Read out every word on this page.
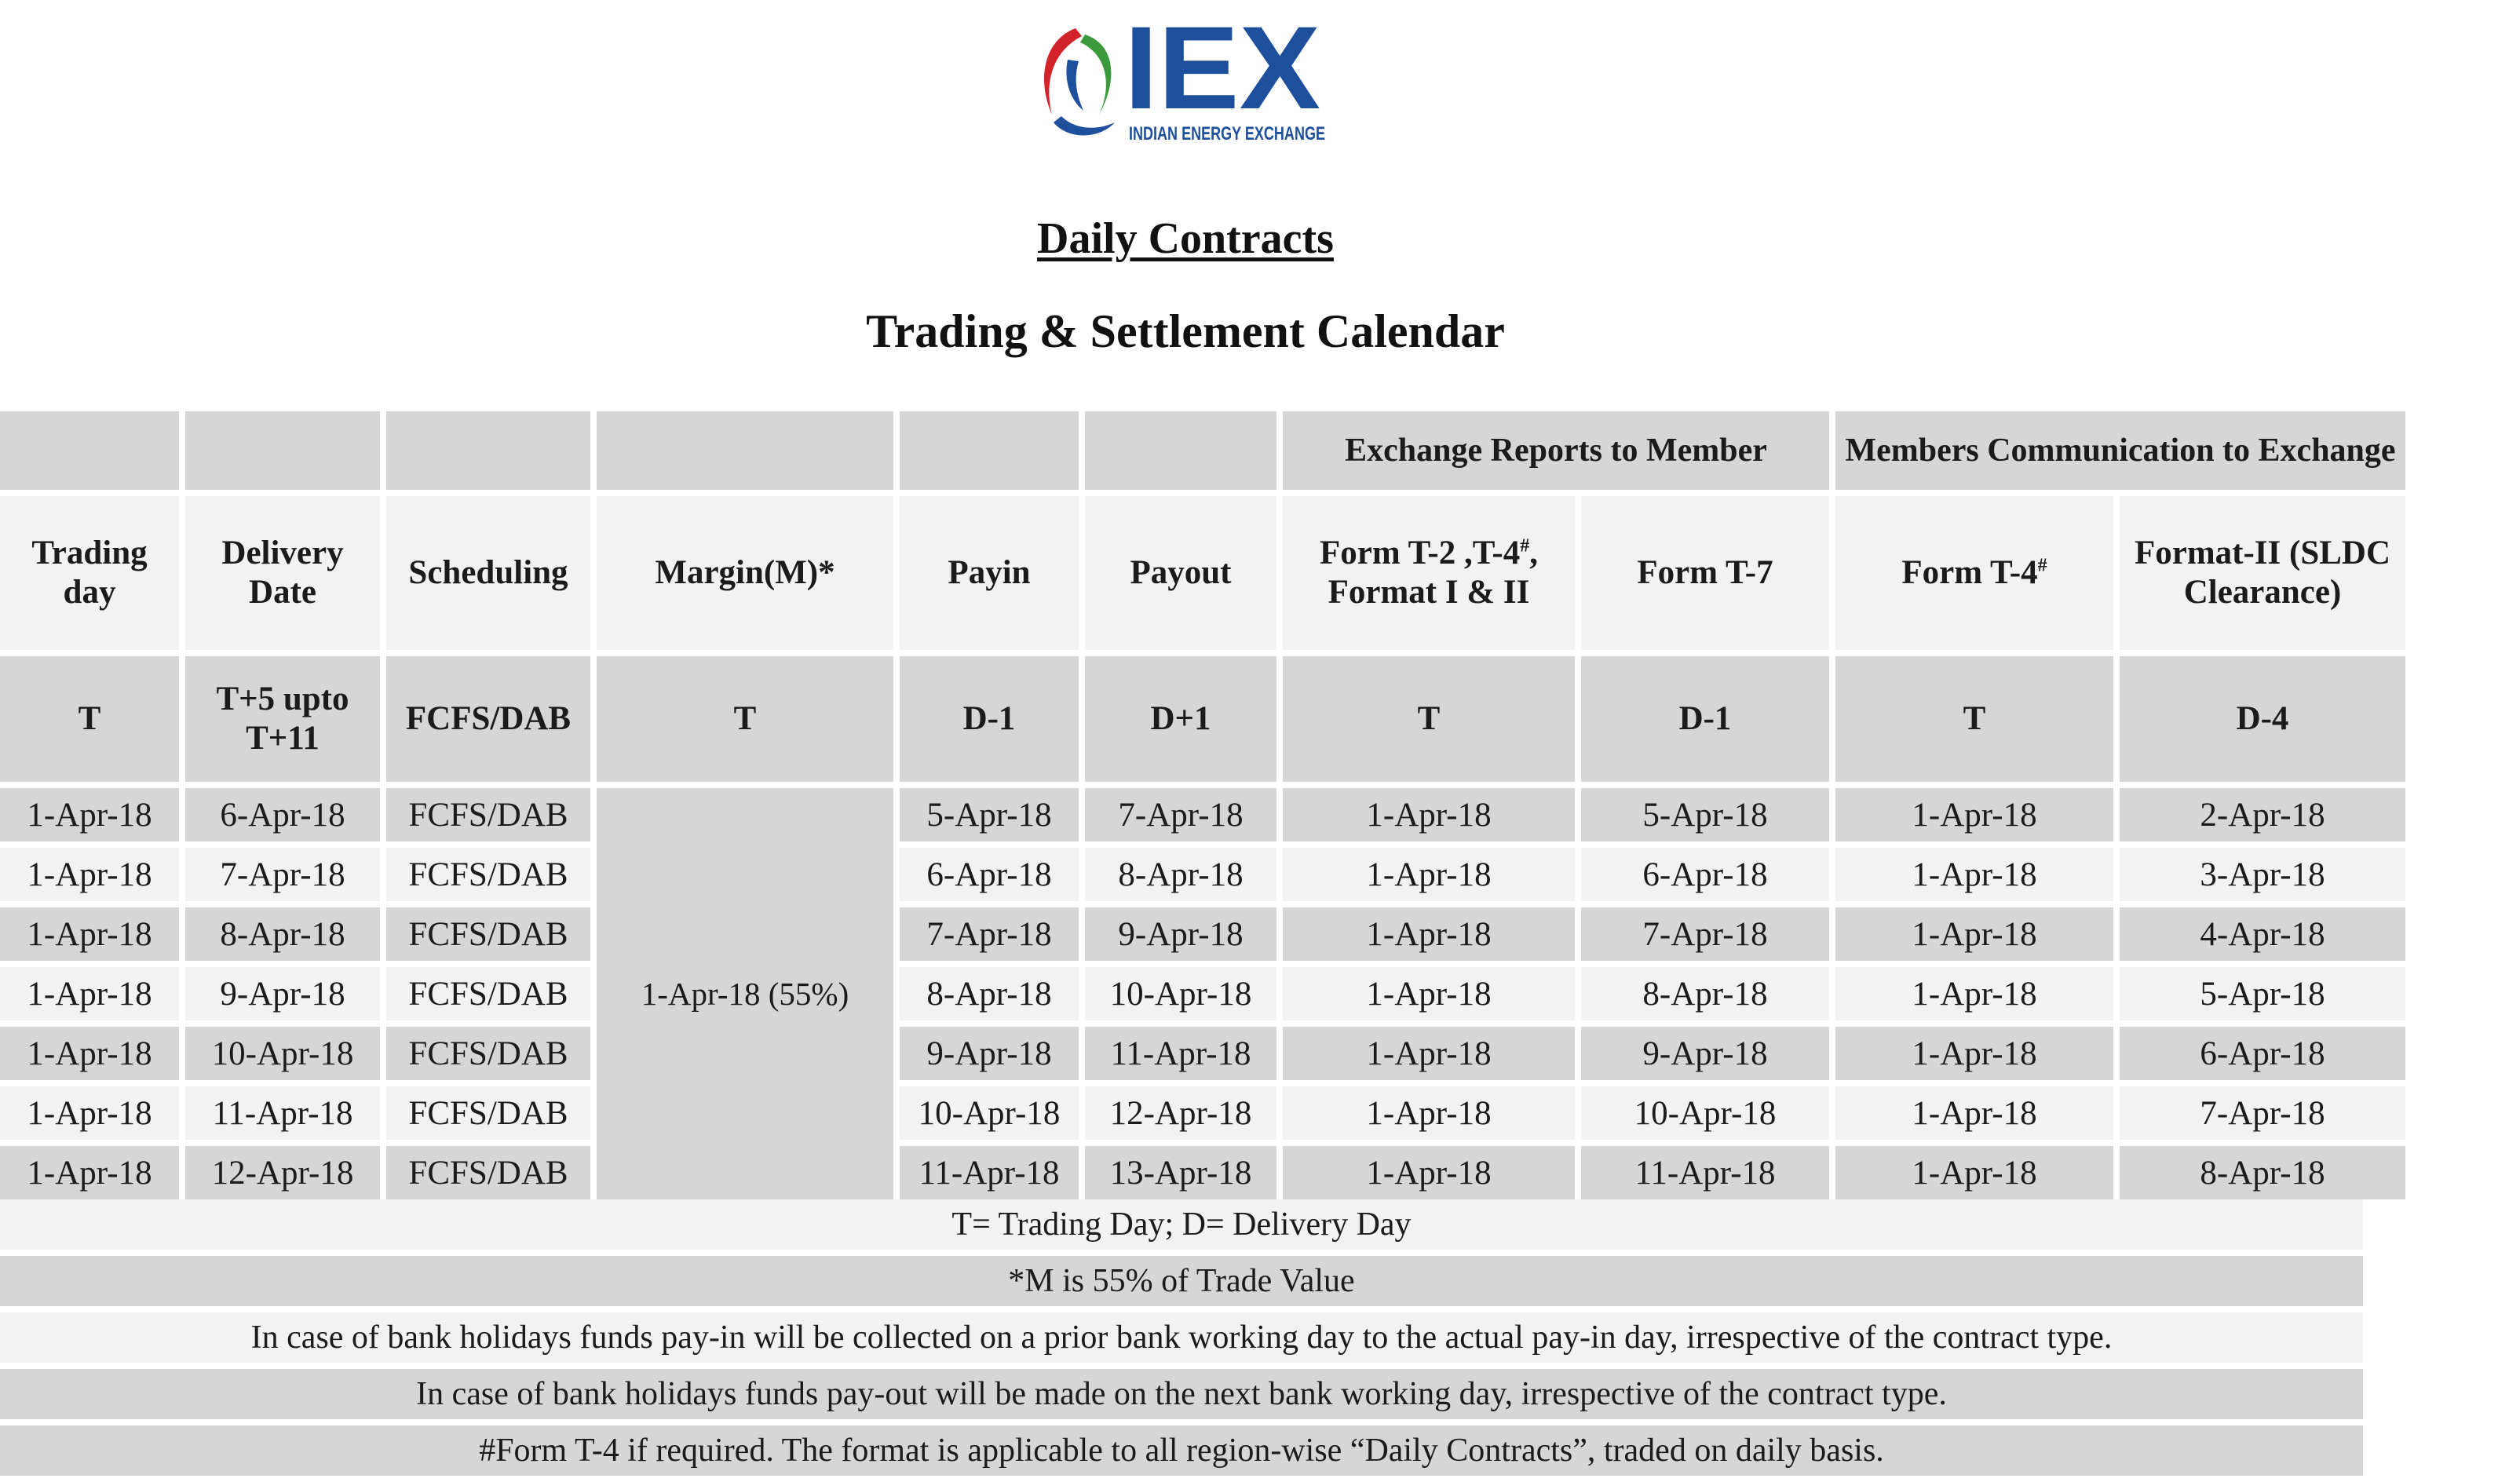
IEX
INDIAN ENERGY EXCHANGE
Daily Contracts
Trading & Settlement Calendar
						Exchange Reports to Member		Members Communication to Exchange	
Trading day	Delivery Date	Scheduling	Margin(M)*	Payin	Payout	Form T-2 ,T-4#,
Format I & II	Form T-7	Form T-4#	Format-II (SLDC Clearance)
T	T+5 upto T+11	FCFS/DAB	T	D-1	D+1	T	D-1	T	D-4
1-Apr-18	6-Apr-18	FCFS/DAB	1-Apr-18 (55%)	5-Apr-18	7-Apr-18	1-Apr-18	5-Apr-18	1-Apr-18	2-Apr-18
1-Apr-18	7-Apr-18	FCFS/DAB		6-Apr-18	8-Apr-18	1-Apr-18	6-Apr-18	1-Apr-18	3-Apr-18
1-Apr-18	8-Apr-18	FCFS/DAB		7-Apr-18	9-Apr-18	1-Apr-18	7-Apr-18	1-Apr-18	4-Apr-18
1-Apr-18	9-Apr-18	FCFS/DAB		8-Apr-18	10-Apr-18	1-Apr-18	8-Apr-18	1-Apr-18	5-Apr-18
1-Apr-18	10-Apr-18	FCFS/DAB		9-Apr-18	11-Apr-18	1-Apr-18	9-Apr-18	1-Apr-18	6-Apr-18
1-Apr-18	11-Apr-18	FCFS/DAB		10-Apr-18	12-Apr-18	1-Apr-18	10-Apr-18	1-Apr-18	7-Apr-18
1-Apr-18	12-Apr-18	FCFS/DAB		11-Apr-18	13-Apr-18	1-Apr-18	11-Apr-18	1-Apr-18	8-Apr-18
T= Trading Day; D= Delivery Day
*M is 55% of Trade Value
In case of bank holidays funds pay-in will be collected on a prior bank working day to the actual pay-in day, irrespective of the contract type.
In case of bank holidays funds pay-out will be made on the next bank working day, irrespective of the contract type.
#Form T-4 if required. The format is applicable to all region-wise “Daily Contracts”, traded on daily basis.
